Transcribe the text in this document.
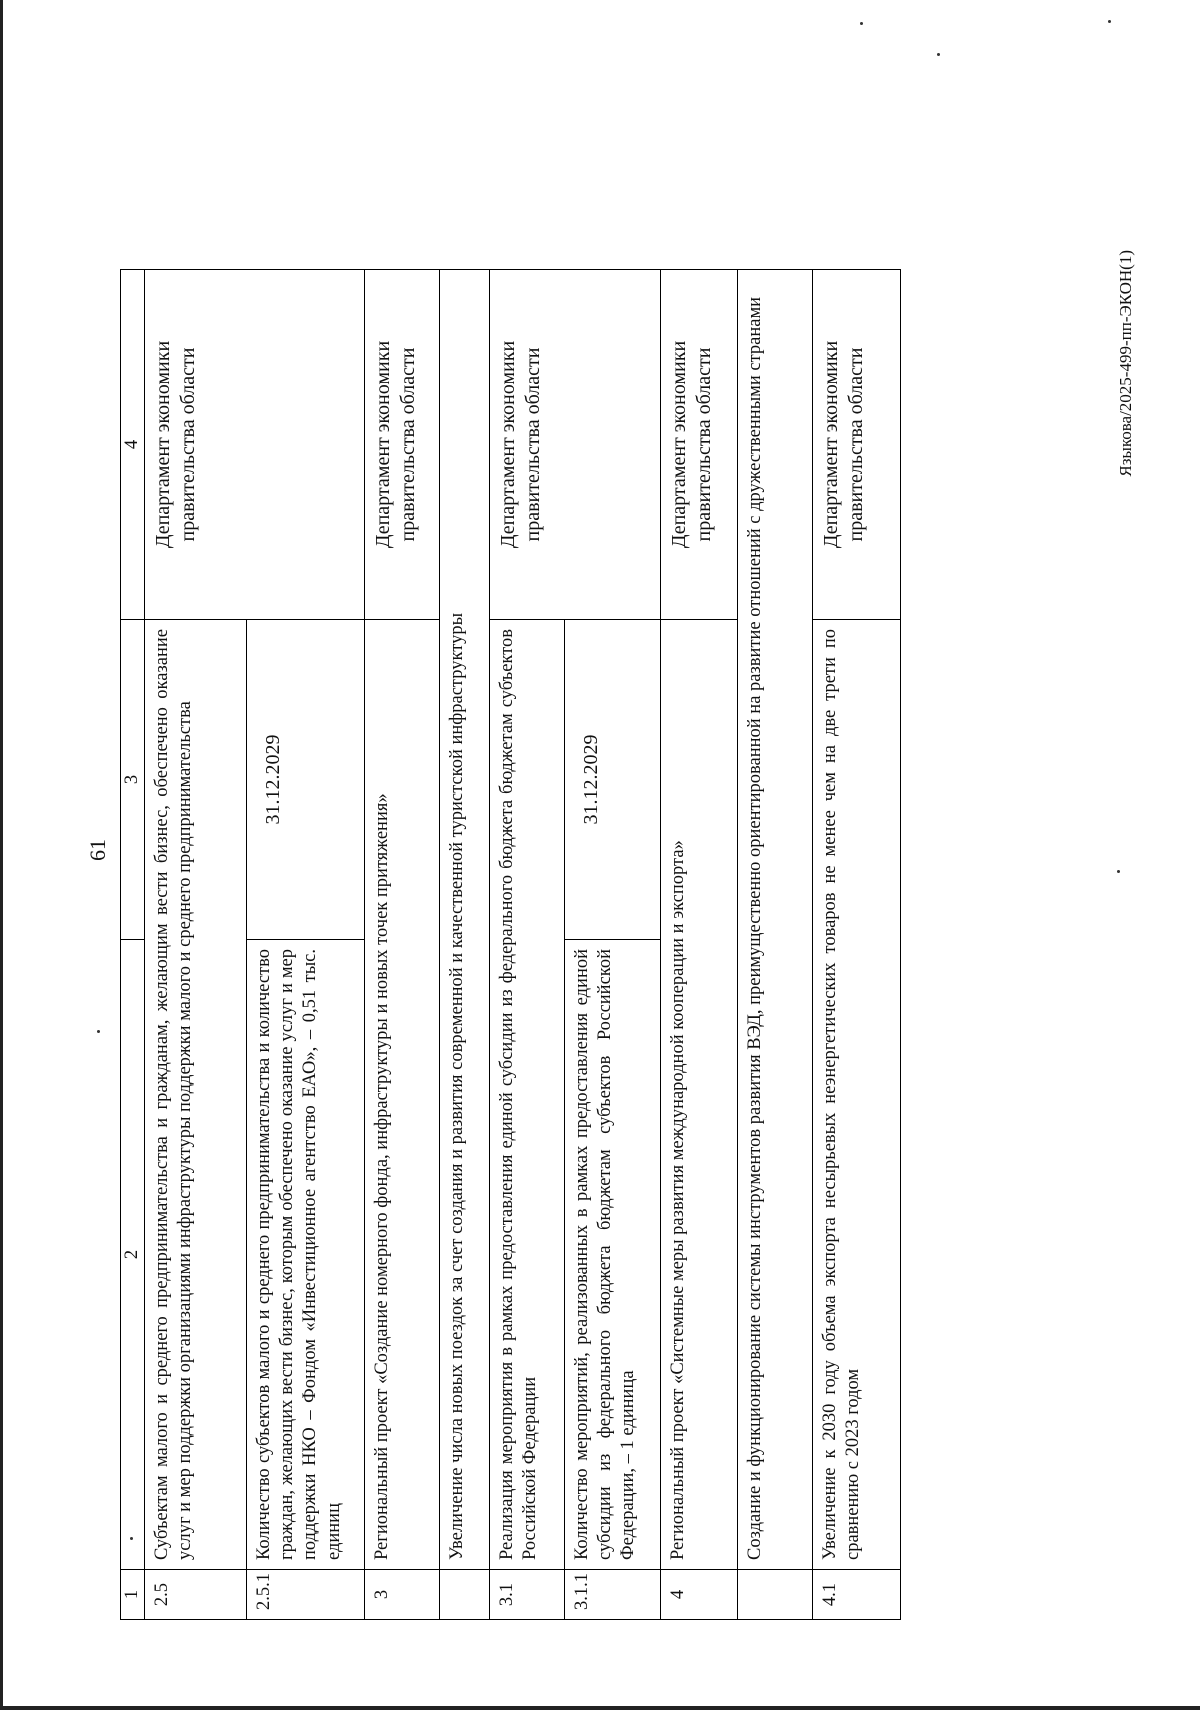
61
1	2	3	4
2.5	Субъектам малого и среднего предпринимательства и гражданам, желающим вести бизнес, обеспечено оказание услуг и мер поддержки организациями инфраструктуры поддержки малого и среднего предпринимательства		Департамент экономики правительства области
2.5.1	Количество субъектов малого и среднего предпринимательства и количество граждан, желающих вести бизнес, которым обеспечено оказание услуг и мер поддержки НКО – Фондом «Инвестиционное агентство ЕАО», – 0,51 тыс. единиц	31.12.2029	
3	Региональный проект «Создание номерного фонда, инфраструктуры и новых точек притяжения»		Департамент экономики правительства области
	Увеличение числа новых поездок за счет создания и развития современной и качественной туристской инфраструктуры		
3.1	Реализация мероприятия в рамках предоставления единой субсидии из федерального бюджета бюджетам субъектов Российской Федерации		Департамент экономики правительства области
3.1.1	Количество мероприятий, реализованных в рамках предоставления единой субсидии из федерального бюджета бюджетам субъектов Российской Федерации, – 1 единица	31.12.2029	
4	Региональный проект «Системные меры развития международной кооперации и экспорта»		Департамент экономики правительства области
	Создание и функционирование системы инструментов развития ВЭД, преимущественно ориентированной на развитие отношений с дружественными странами		
4.1	Увеличение к 2030 году объема экспорта несырьевых неэнергетических товаров не менее чем на две трети по сравнению с 2023 годом		Департамент экономики правительства области	Языкова/2025-499-пп-ЭКОН(1)
